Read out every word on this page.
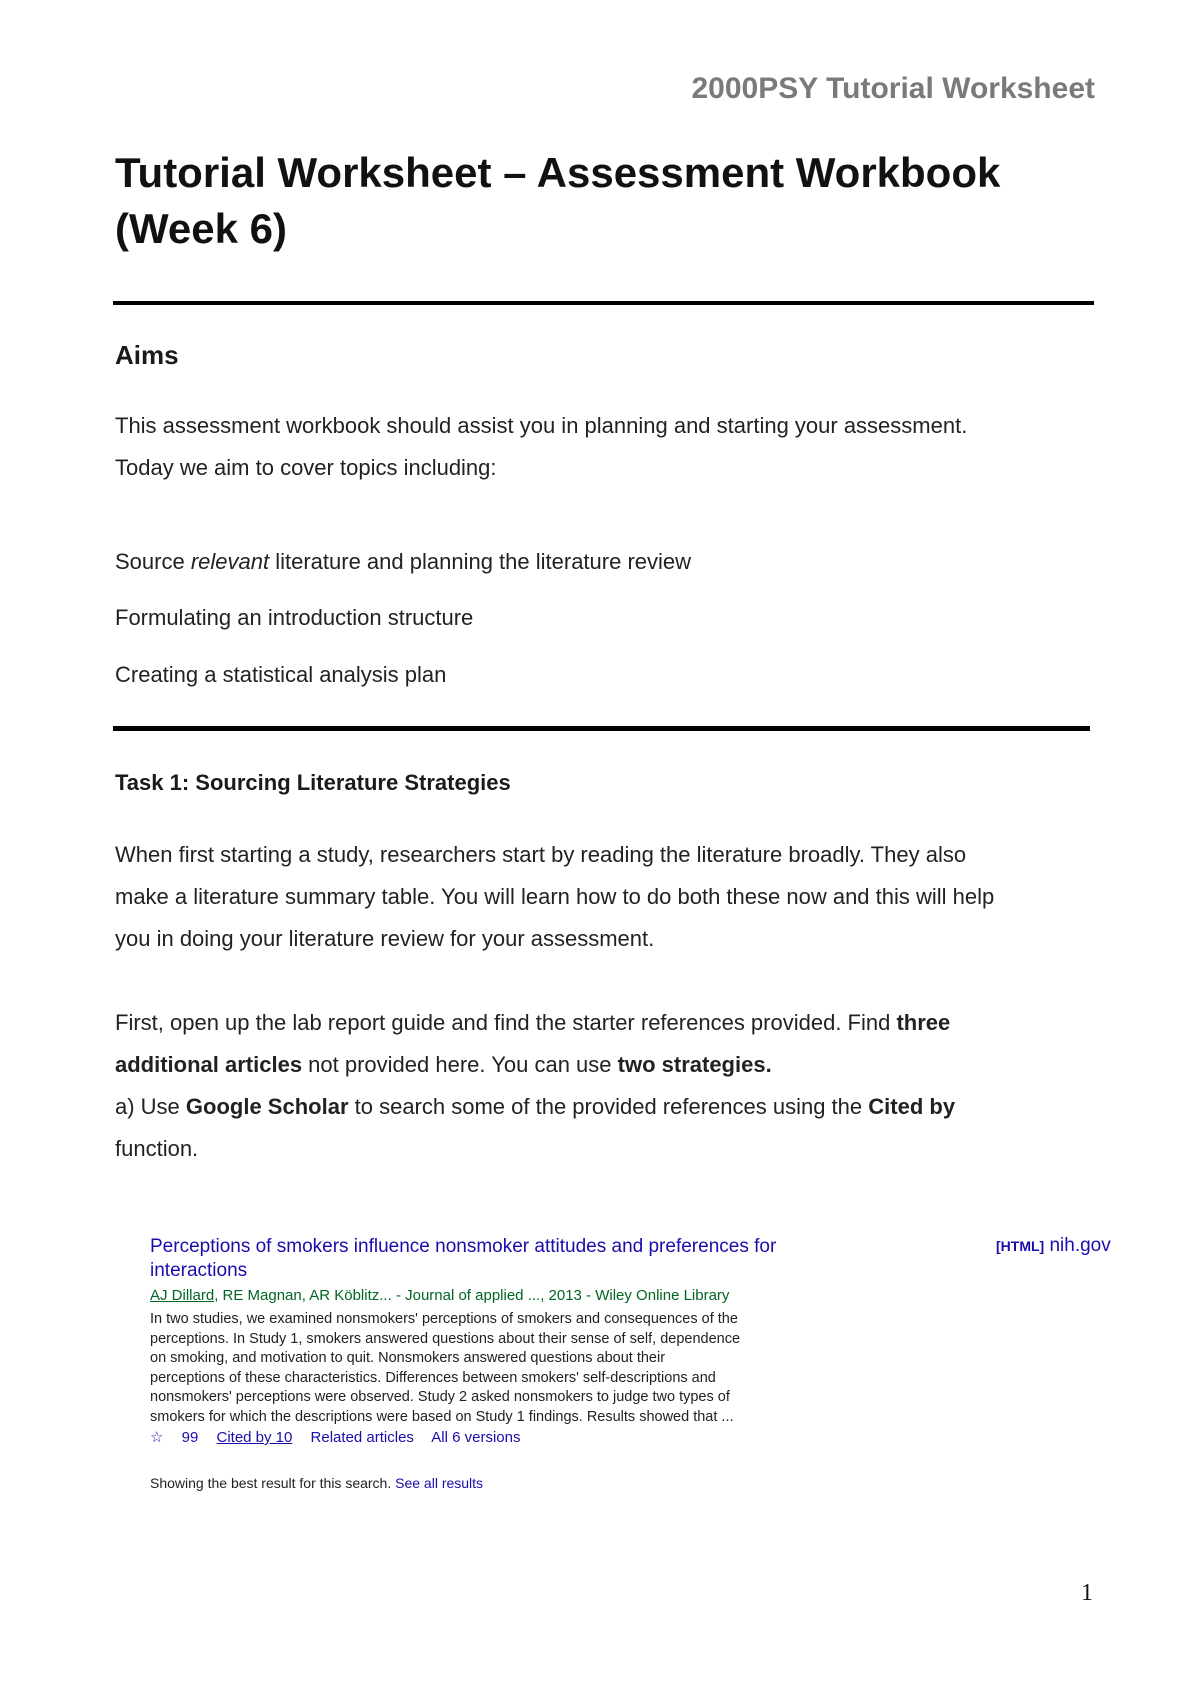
2000PSY Tutorial Worksheet
Tutorial Worksheet – Assessment Workbook
(Week 6)
Aims

This assessment workbook should assist you in planning and starting your assessment.
Today we aim to cover topics including:

Source relevant literature and planning the literature review

Formulating an introduction structure

Creating a statistical analysis plan

Task 1: Sourcing Literature Strategies

When first starting a study, researchers start by reading the literature broadly. They also
make a literature summary table. You will learn how to do both these now and this will help
you in doing your literature review for your assessment.

First, open up the lab report guide and find the starter references provided. Find three
additional articles not provided here. You can use two strategies.
a) Use Google Scholar to search some of the provided references using the Cited by
function.

Perceptions of smokers influence nonsmoker attitudes and preferences for
interactions
[HTML] nih.gov
AJ Dillard, RE Magnan, AR Köblitz... - Journal of applied ..., 2013 - Wiley Online Library
In two studies, we examined nonsmokers' perceptions of smokers and consequences of the
perceptions. In Study 1, smokers answered questions about their sense of self, dependence
on smoking, and motivation to quit. Nonsmokers answered questions about their
perceptions of these characteristics. Differences between smokers' self-descriptions and
nonsmokers' perceptions were observed. Study 2 asked nonsmokers to judge two types of
smokers for which the descriptions were based on Study 1 findings. Results showed that ...
☆ 99 Cited by 10 Related articles All 6 versions
Showing the best result for this search. See all results
1
